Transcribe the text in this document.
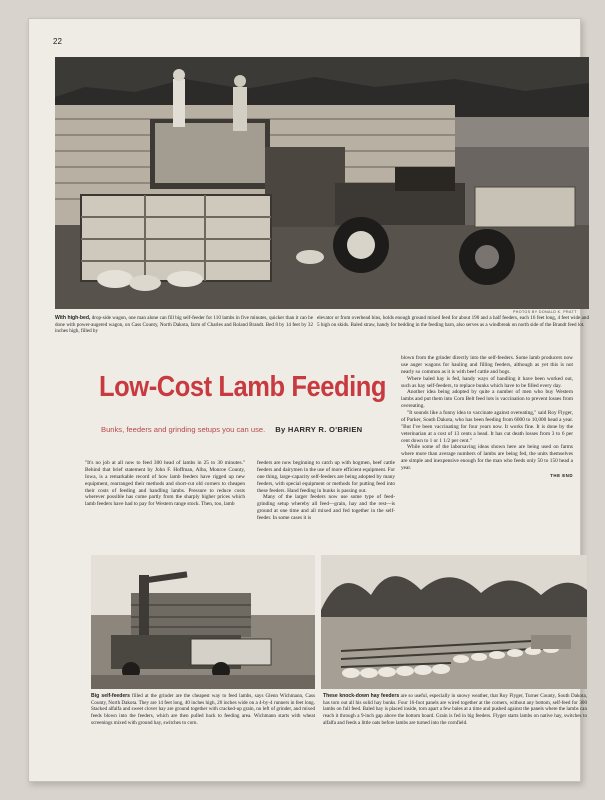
22
PHOTOS BY DONALD K. PRATT
With high-bed, drop-side wagon, one man alone can fill big self-feeder for 110 lambs in five minutes, quicker than it can be done with power-augered wagon, on Cass County, North Dakota, farm of Charles and Roland Brandt. Bed 8 by 14 feet by 32 inches high, filled by
elevator or from overhead bins, holds enough ground mixed feed for about 190 and a half feeders, each 16 feet long, 4 feet wide and 5 high on skids. Baled straw, handy for bedding in the feeding barn, also serves as a windbreak on north side of the Brandt feed lot.
Low-Cost Lamb Feeding
Bunks, feeders and grinding setups you can use. By HARRY R. O'BRIEN

"It's no job at all now to feed 300 head of lambs in 25 to 30 minutes." Behind that brief statement by John F. Hoffman, Alba, Monroe County, Iowa, is a remarkable record of how lamb feeders have rigged up new equipment, rearranged their methods and short-cut old corners to cheapen their costs of feeding and handling lambs. Pressure to reduce costs wherever possible has come partly from the sharply higher prices which lamb feeders have had to pay for Western range stock. Then, too, lamb

feeders are now beginning to catch up with hogmen, beef cattle feeders and dairymen in the use of more efficient equipment. For one thing, large-capacity self-feeders are being adopted by many feeders, with special equipment or methods for putting feed into these feeders. Hand feeding in bunks is passing out.

Many of the larger feeders now use some type of feed-grinding setup whereby all feed—grain, hay and the rest—is ground at one time and all mixed and fed together in the self-feeder. In some cases it is

blown from the grinder directly into the self-feeders. Some lamb producers now use auger wagons for hauling and filling feeders, although as yet this is not nearly so common as it is with beef cattle and hogs.

Where baled hay is fed, handy ways of handling it have been worked out, such as hay self-feeders, to replace bunks which have to be filled every day.

Another idea being adopted by quite a number of men who buy Western lambs and put them into Corn Belt feed lots is vaccination to prevent losses from overeating.

"It sounds like a funny idea to vaccinate against overeating," said Roy Flyger, of Parker, South Dakota, who has been feeding from 6000 to 10,000 head a year. "But I've been vaccinating for four years now. It works fine. It is done by the veterinarian at a cost of 13 cents a head. It has cut death losses from 3 to 6 per cent down to 1 or 1 1/2 per cent."

While some of the laborsaving ideas shown here are being used on farms where more than average numbers of lambs are being fed, the units themselves are simple and inexpensive enough for the man who feeds only 50 to 150 head a year.

THE END
Big self-feeders filled at the grinder are the cheapest way to feed lambs, says Glenn Wichmann, Cass County, North Dakota. They are 14 feet long, 40 inches high, 20 inches wide on a 4-by-4 runners in feet long. Stacked alfalfa and sweet clover hay are ground together with cracked-up grain, no left of grinder, and mixed feeds blown into the feeders, which are then pulled back to feeding area. Wichmann starts with wheat screenings mixed with ground hay, switches to corn.
These knock-down hay feeders are so useful, especially in snowy weather, that Roy Flyger, Turner County, South Dakota, has torn out all his solid hay bunks. Four 16-foot panels are wired together at the corners, without any bottom, self-feed for 300 lambs on full feed. Baled hay is placed inside, torn apart a few bales at a time and pushed against the panels where the lambs can reach it through a 9-inch gap above the bottom board. Grain is fed in big feeders. Flyger starts lambs on native hay, switches to alfalfa and feeds a little oats before lambs are turned into the cornfield.
